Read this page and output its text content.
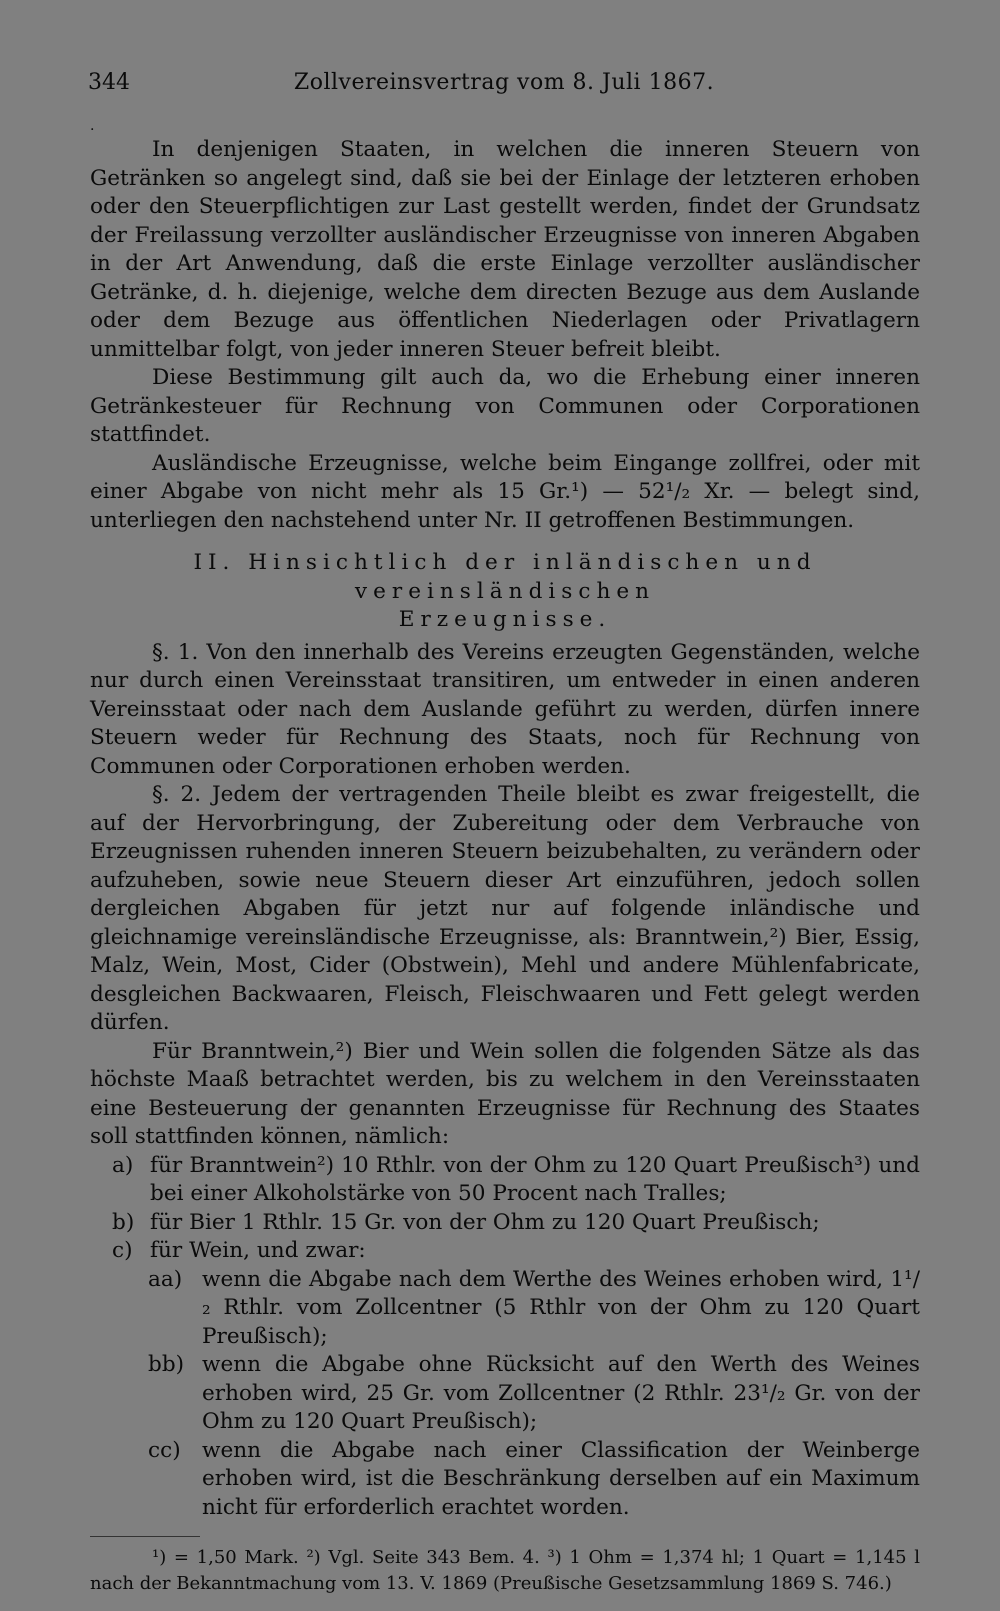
344	Zollvereinsvertrag vom 8. Juli 1867.
.

In denjenigen Staaten, in welchen die inneren Steuern von Getränken so angelegt sind, daß sie bei der Einlage der letzteren erhoben oder den Steuerpflichtigen zur Last gestellt werden, findet der Grundsatz der Freilassung verzollter ausländischer Erzeugnisse von inneren Abgaben in der Art Anwendung, daß die erste Einlage verzollter ausländischer Getränke, d. h. diejenige, welche dem directen Bezuge aus dem Auslande oder dem Bezuge aus öffentlichen Niederlagen oder Privatlagern unmittelbar folgt, von jeder inneren Steuer befreit bleibt.

Diese Bestimmung gilt auch da, wo die Erhebung einer inneren Getränkesteuer für Rechnung von Communen oder Corporationen stattfindet.

Ausländische Erzeugnisse, welche beim Eingange zollfrei, oder mit einer Abgabe von nicht mehr als 15 Gr.¹) — 52¹/₂ Xr. — belegt sind, unterliegen den nachstehend unter Nr. II getroffenen Bestimmungen.

II. Hinsichtlich der inländischen und vereinsländischen
Erzeugnisse.

§. 1. Von den innerhalb des Vereins erzeugten Gegenständen, welche nur durch einen Vereinsstaat transitiren, um entweder in einen anderen Vereinsstaat oder nach dem Auslande geführt zu werden, dürfen innere Steuern weder für Rechnung des Staats, noch für Rechnung von Communen oder Corporationen erhoben werden.

§. 2. Jedem der vertragenden Theile bleibt es zwar freigestellt, die auf der Hervorbringung, der Zubereitung oder dem Verbrauche von Erzeugnissen ruhenden inneren Steuern beizubehalten, zu verändern oder aufzuheben, sowie neue Steuern dieser Art einzuführen, jedoch sollen dergleichen Abgaben für jetzt nur auf folgende inländische und gleichnamige vereinsländische Erzeugnisse, als: Branntwein,²) Bier, Essig, Malz, Wein, Most, Cider (Obstwein), Mehl und andere Mühlenfabricate, desgleichen Backwaaren, Fleisch, Fleischwaaren und Fett gelegt werden dürfen.

Für Branntwein,²) Bier und Wein sollen die folgenden Sätze als das höchste Maaß betrachtet werden, bis zu welchem in den Vereinsstaaten eine Besteuerung der genannten Erzeugnisse für Rechnung des Staates soll stattfinden können, nämlich:

a) für Branntwein²) 10 Rthlr. von der Ohm zu 120 Quart Preußisch³) und bei einer Alkoholstärke von 50 Procent nach Tralles;
b) für Bier 1 Rthlr. 15 Gr. von der Ohm zu 120 Quart Preußisch;
c) für Wein, und zwar:
aa) wenn die Abgabe nach dem Werthe des Weines erhoben wird, 1¹/₂ Rthlr. vom Zollcentner (5 Rthlr von der Ohm zu 120 Quart Preußisch);
bb) wenn die Abgabe ohne Rücksicht auf den Werth des Weines erhoben wird, 25 Gr. vom Zollcentner (2 Rthlr. 23¹/₂ Gr. von der Ohm zu 120 Quart Preußisch);
cc) wenn die Abgabe nach einer Classification der Weinberge erhoben wird, ist die Beschränkung derselben auf ein Maximum nicht für erforderlich erachtet worden.

¹) = 1,50 Mark. ²) Vgl. Seite 343 Bem. 4. ³) 1 Ohm = 1,374 hl; 1 Quart = 1,145 l nach der Bekanntmachung vom 13. V. 1869 (Preußische Gesetzsammlung 1869 S. 746.)
